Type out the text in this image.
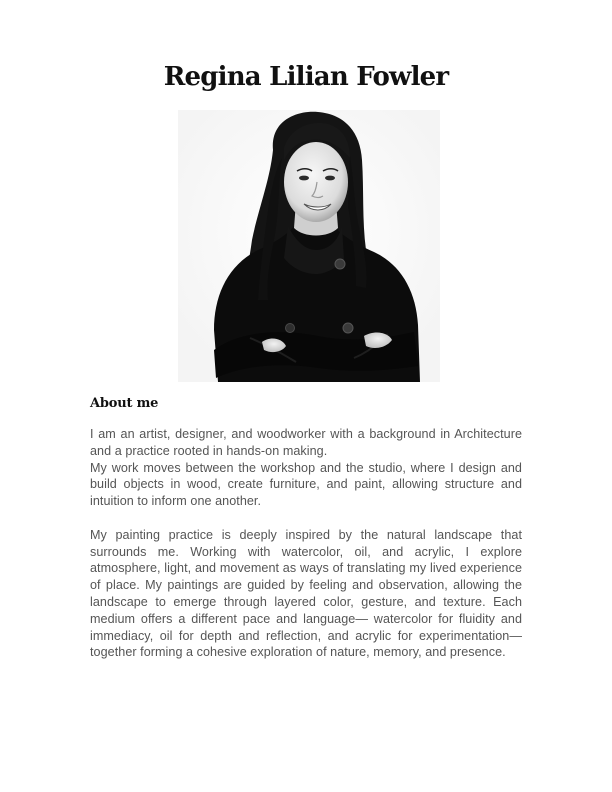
Regina Lilian Fowler
About me

I am an artist, designer, and woodworker with a background in Architecture and a practice rooted in hands-on making.

My work moves between the workshop and the studio, where I design and build objects in wood, create furniture, and paint, allowing structure and intuition to inform one another.

My painting practice is deeply inspired by the natural landscape that surrounds me. Working with watercolor, oil, and acrylic, I explore atmosphere, light, and movement as ways of translating my lived experience of place. My paintings are guided by feeling and observation, allowing the landscape to emerge through layered color, gesture, and texture. Each medium offers a different pace and language— watercolor for fluidity and immediacy, oil for depth and reflection, and acrylic for experimentation—together forming a cohesive exploration of nature, memory, and presence.
